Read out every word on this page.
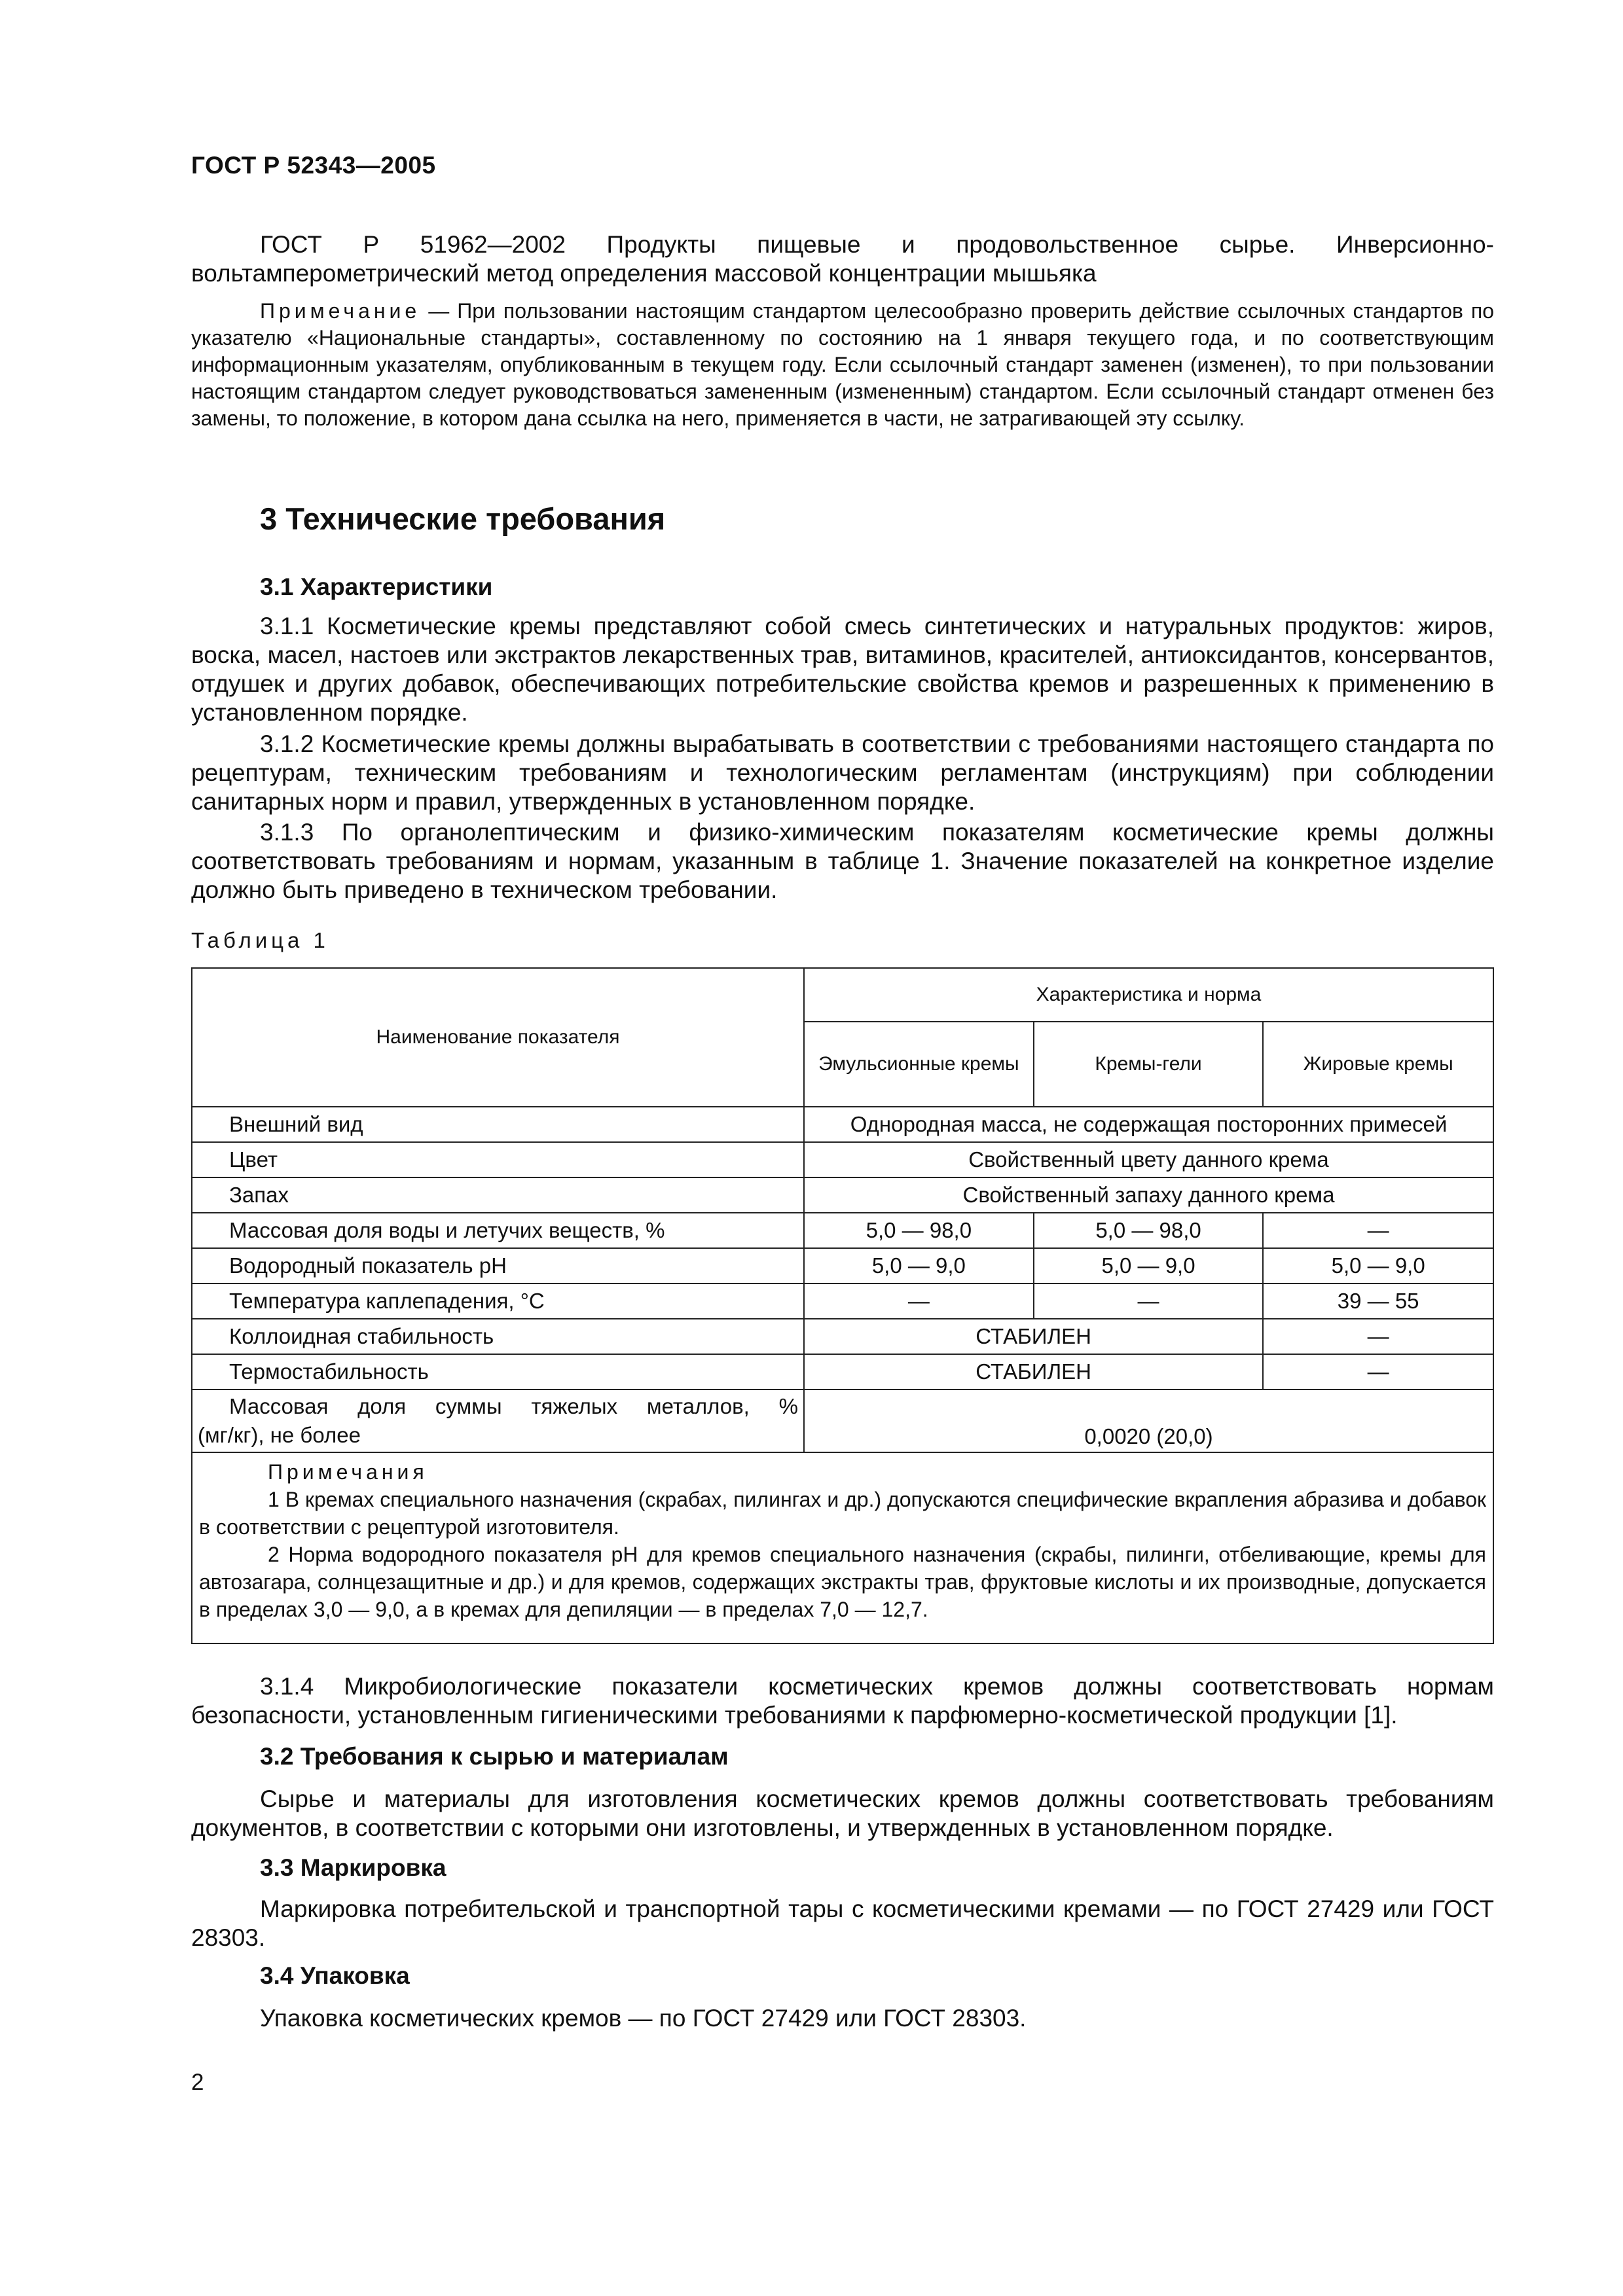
ГОСТ Р 52343—2005
ГОСТ Р 51962—2002 Продукты пищевые и продовольственное сырье. Инверсионно-вольтамперометрический метод определения массовой концентрации мышьяка
Примечание — При пользовании настоящим стандартом целесообразно проверить действие ссылочных стандартов по указателю «Национальные стандарты», составленному по состоянию на 1 января текущего года, и по соответствующим информационным указателям, опубликованным в текущем году. Если ссылочный стандарт заменен (изменен), то при пользовании настоящим стандартом следует руководствоваться замененным (измененным) стандартом. Если ссылочный стандарт отменен без замены, то положение, в котором дана ссылка на него, применяется в части, не затрагивающей эту ссылку.
3 Технические требования
3.1 Характеристики
3.1.1 Косметические кремы представляют собой смесь синтетических и натуральных продуктов: жиров, воска, масел, настоев или экстрактов лекарственных трав, витаминов, красителей, антиоксидантов, консервантов, отдушек и других добавок, обеспечивающих потребительские свойства кремов и разрешенных к применению в установленном порядке.
3.1.2 Косметические кремы должны вырабатывать в соответствии с требованиями настоящего стандарта по рецептурам, техническим требованиям и технологическим регламентам (инструкциям) при соблюдении санитарных норм и правил, утвержденных в установленном порядке.
3.1.3 По органолептическим и физико-химическим показателям косметические кремы должны соответствовать требованиям и нормам, указанным в таблице 1. Значение показателей на конкретное изделие должно быть приведено в техническом требовании.
Таблица 1
Наименование показателя	Характеристика и норма		
	Эмульсионные кремы	Кремы-гели	Жировые кремы
Внешний вид	Однородная масса, не содержащая посторонних примесей		
Цвет	Свойственный цвету данного крема		
Запах	Свойственный запаху данного крема		
Массовая доля воды и летучих веществ, %	5,0 — 98,0	5,0 — 98,0	—
Водородный показатель pH	5,0 — 9,0	5,0 — 9,0	5,0 — 9,0
Температура каплепадения, °С	—	—	39 — 55
Коллоидная стабильность	СТАБИЛЕН		—
Термостабильность	СТАБИЛЕН		—

Массовая доля суммы тяжелых металлов, %
(мг/кг), не более	0,0020 (20,0)		

Примечания
1 В кремах специального назначения (скрабах, пилингах и др.) допускаются специфические вкрапления абразива и добавок в соответствии с рецептурой изготовителя.
2 Норма водородного показателя pH для кремов специального назначения (скрабы, пилинги, отбеливающие, кремы для автозагара, солнцезащитные и др.) и для кремов, содержащих экстракты трав, фруктовые кислоты и их производные, допускается в пределах 3,0 — 9,0, а в кремах для депиляции — в пределах 7,0 — 12,7.			
3.1.4 Микробиологические показатели косметических кремов должны соответствовать нормам безопасности, установленным гигиеническими требованиями к парфюмерно-косметической продукции [1].
3.2 Требования к сырью и материалам
Сырье и материалы для изготовления косметических кремов должны соответствовать требованиям документов, в соответствии с которыми они изготовлены, и утвержденных в установленном порядке.
3.3 Маркировка
Маркировка потребительской и транспортной тары с косметическими кремами — по ГОСТ 27429 или ГОСТ 28303.
3.4 Упаковка
Упаковка косметических кремов — по ГОСТ 27429 или ГОСТ 28303.
2
